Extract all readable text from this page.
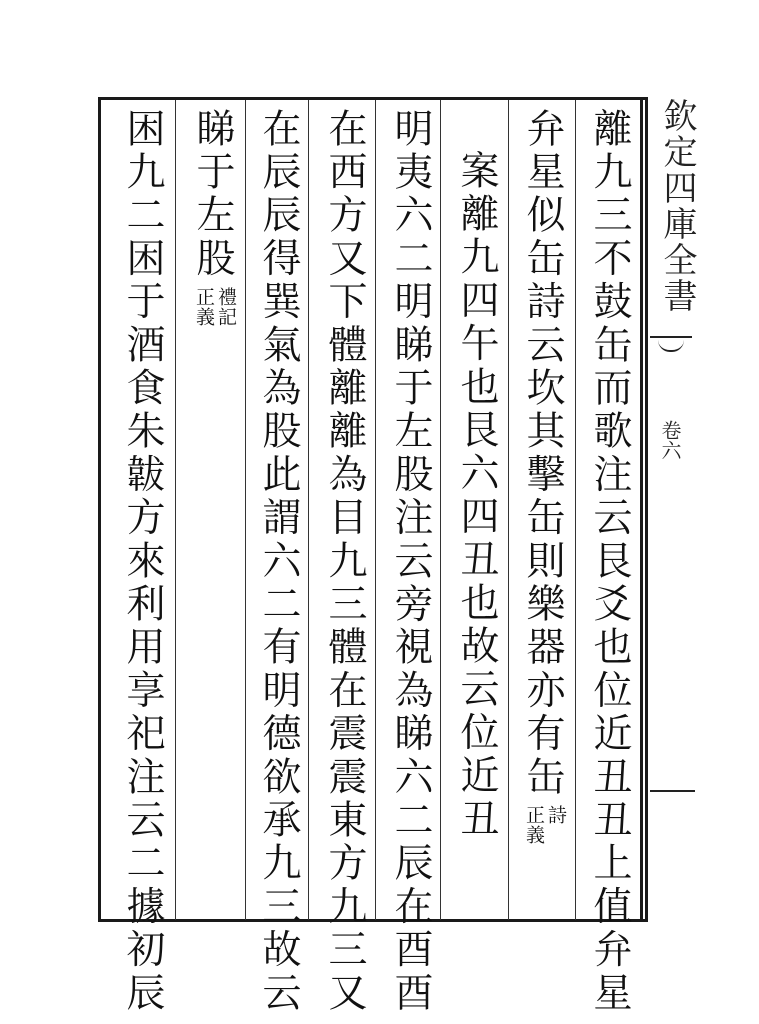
欽定四庫全書
卷六
離九三不鼓缶而歌注云艮爻也位近丑丑上值弁星
弁星似缶詩云坎其擊缶則樂器亦有缶
詩
正義
案離九四午也艮六四丑也故云位近丑
明夷六二明睇于左股注云旁視為睇六二辰在酉酉
在西方又下體離離為目九三體在震震東方九三又
在辰辰得巽氣為股此謂六二有明德欲承九三故云
睇于左股
禮記
正義
困九二困于酒食朱韍方來利用享祀注云二據初辰
